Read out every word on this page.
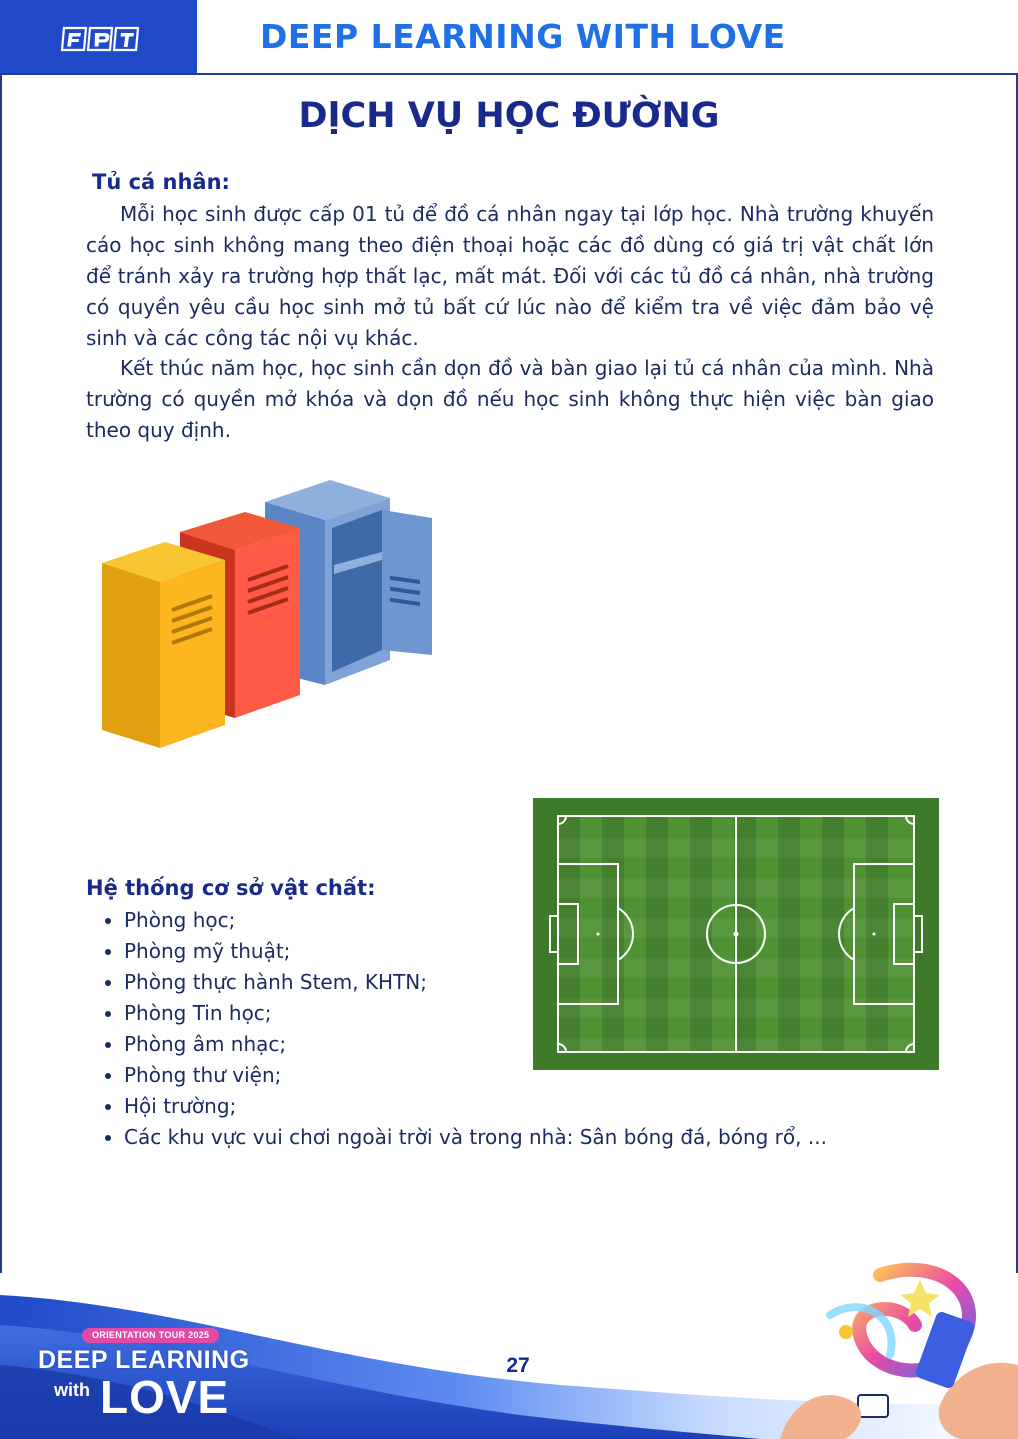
DEEP LEARNING WITH LOVE
DỊCH VỤ HỌC ĐƯỜNG
Tủ cá nhân:

Mỗi học sinh được cấp 01 tủ để đồ cá nhân ngay tại lớp học. Nhà trường khuyến cáo học sinh không mang theo điện thoại hoặc các đồ dùng có giá trị vật chất lớn để tránh xảy ra trường hợp thất lạc, mất mát. Đối với các tủ đồ cá nhân, nhà trường có quyền yêu cầu học sinh mở tủ bất cứ lúc nào để kiểm tra về việc đảm bảo vệ sinh và các công tác nội vụ khác.

Kết thúc năm học, học sinh cần dọn đồ và bàn giao lại tủ cá nhân của mình. Nhà trường có quyền mở khóa và dọn đồ nếu học sinh không thực hiện việc bàn giao theo quy định.

Hệ thống cơ sở vật chất:
• Phòng học;
• Phòng mỹ thuật;
• Phòng thực hành Stem, KHTN;
• Phòng Tin học;
• Phòng âm nhạc;
• Phòng thư viện;
• Hội trường;
• Các khu vực vui chơi ngoài trời và trong nhà: Sân bóng đá, bóng rổ, ...
ORIENTATION TOUR 2025
DEEP LEARNING
with LOVE
27
